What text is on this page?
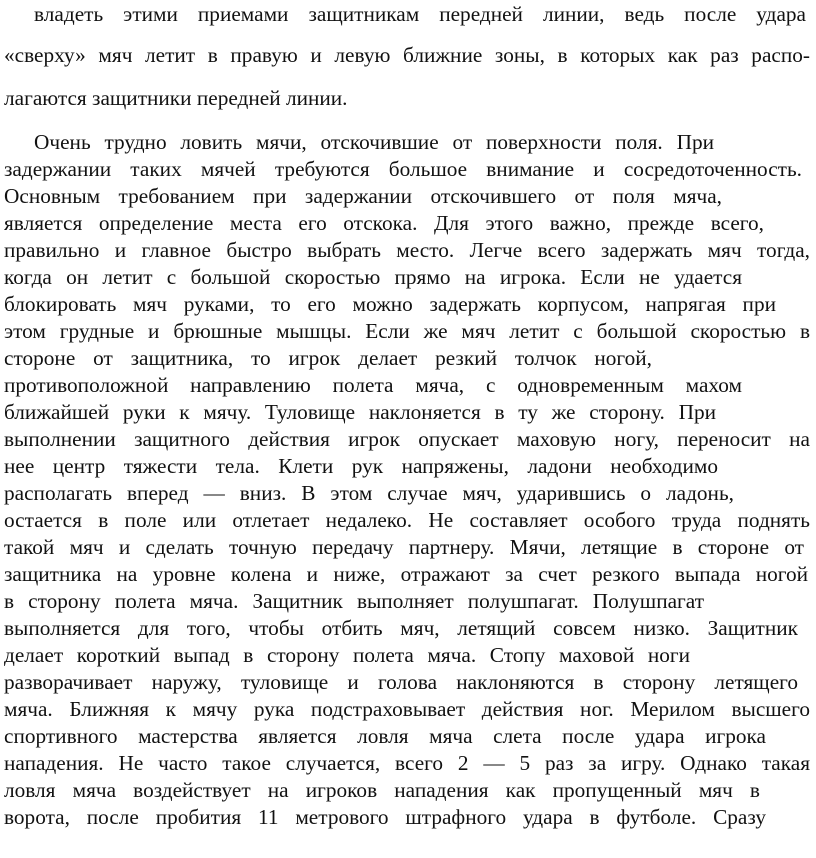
владеть этими приемами защитникам передней линии, ведь после удара
«сверху» мяч летит в правую и левую ближние зоны, в которых как раз распо-
лагаются защитники передней линии.
Очень трудно ловить мячи, отскочившие от поверхности поля. При
задержании таких мячей требуются большое внимание и сосредоточенность.
Основным требованием при задержании отскочившего от поля мяча,
является определение места его отскока. Для этого важно, прежде всего,
правильно и главное быстро выбрать место. Легче всего задержать мяч тогда,
когда он летит с большой скоростью прямо на игрока. Если не удается
блокировать мяч руками, то его можно задержать корпусом, напрягая при
этом грудные и брюшные мышцы. Если же мяч летит с большой скоростью в
стороне от защитника, то игрок делает резкий толчок ногой,
противоположной направлению полета мяча, с одновременным махом
ближайшей руки к мячу. Туловище наклоняется в ту же сторону. При
выполнении защитного действия игрок опускает маховую ногу, переносит на
нее центр тяжести тела. Клети рук напряжены, ладони необходимо
располагать вперед — вниз. В этом случае мяч, ударившись о ладонь,
остается в поле или отлетает недалеко. Не составляет особого труда поднять
такой мяч и сделать точную передачу партнеру. Мячи, летящие в стороне от
защитника на уровне колена и ниже, отражают за счет резкого выпада ногой
в сторону полета мяча. Защитник выполняет полушпагат. Полушпагат
выполняется для того, чтобы отбить мяч, летящий совсем низко. Защитник
делает короткий выпад в сторону полета мяча. Стопу маховой ноги
разворачивает наружу, туловище и голова наклоняются в сторону летящего
мяча. Ближняя к мячу рука подстраховывает действия ног. Мерилом высшего
спортивного мастерства является ловля мяча слета после удара игрока
нападения. Не часто такое случается, всего 2 — 5 раз за игру. Однако такая
ловля мяча воздействует на игроков нападения как пропущенный мяч в
ворота, после пробития 11 метрового штрафного удара в футболе. Сразу
